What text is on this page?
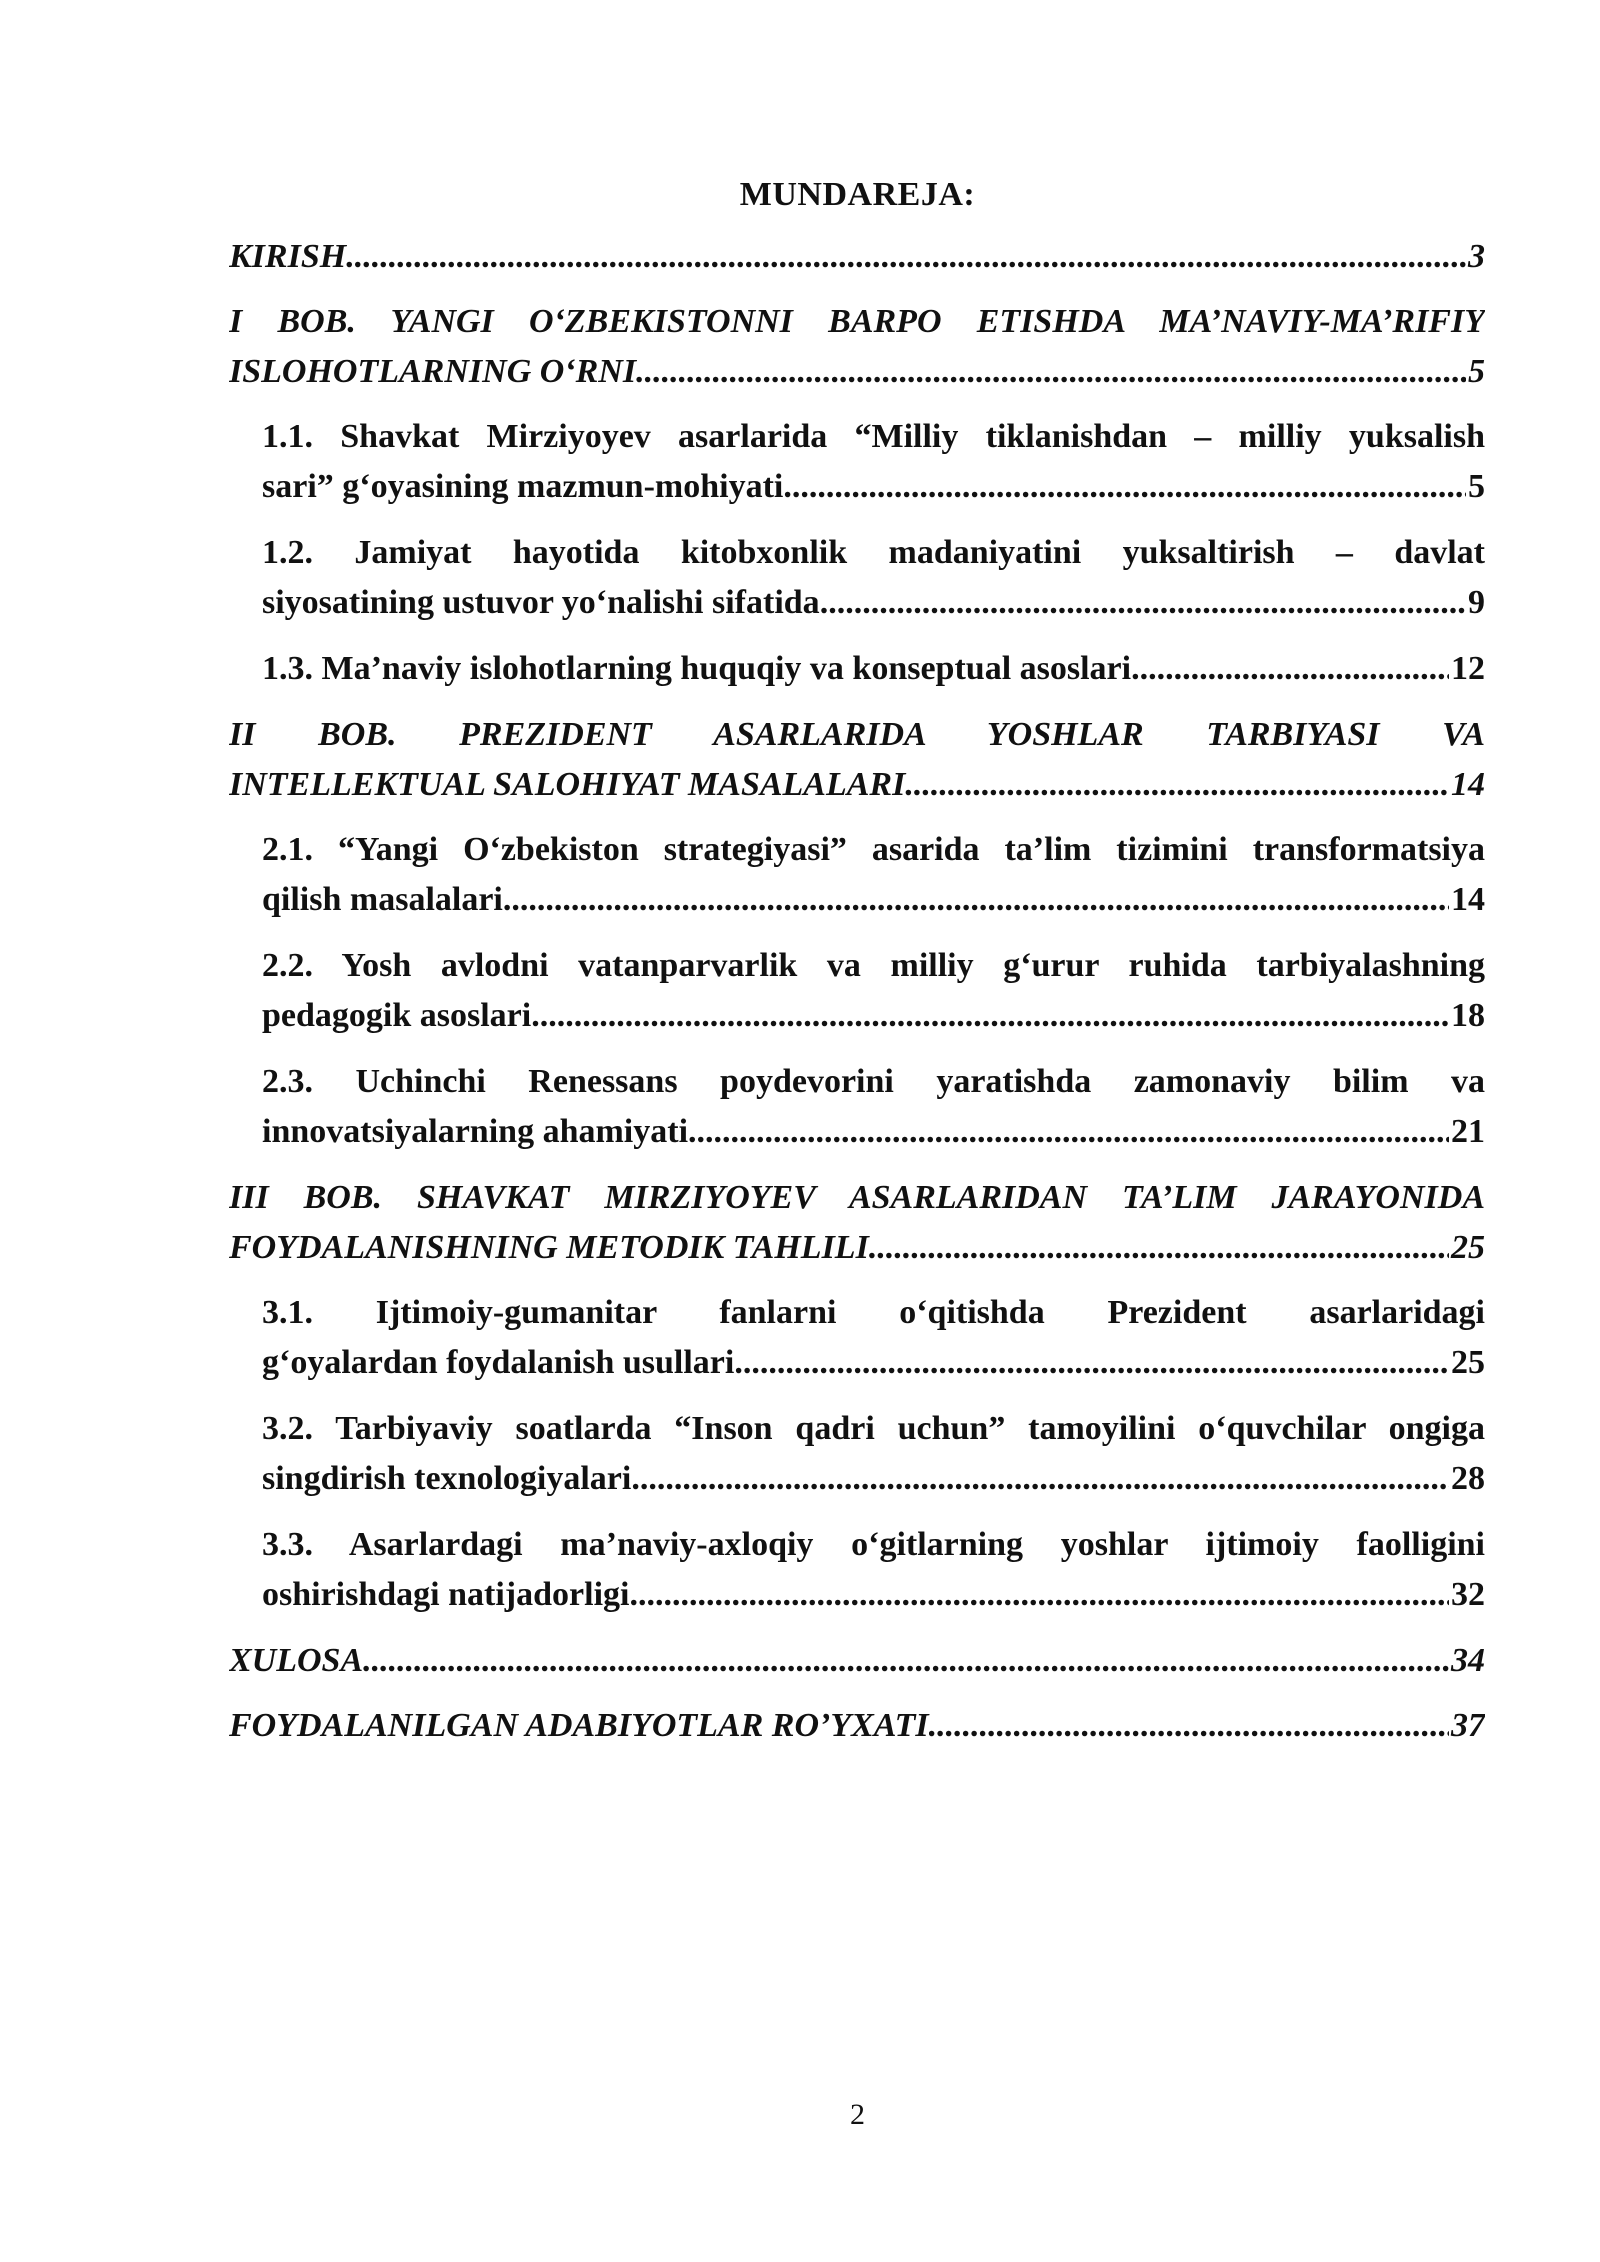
MUNDAREJA:
KIRISH .....	3
I BOB. YANGI O‘ZBEKISTONNI BARPO ETISHDA MA’NAVIY-MA’RIFIY
ISLOHOTLARNING O‘RNI .....	5
1.1. Shavkat Mirziyoyev asarlarida “Milliy tiklanishdan – milliy yuksalish
sari” g‘oyasining mazmun-mohiyati .....	5
1.2. Jamiyat hayotida kitobxonlik madaniyatini yuksaltirish – davlat
siyosatining ustuvor yo‘nalishi sifatida .....	9
1.3. Ma’naviy islohotlarning huquqiy va konseptual asoslari .....	12
II BOB. PREZIDENT ASARLARIDA YOSHLAR TARBIYASI VA
INTELLEKTUAL SALOHIYAT MASALALARI .....	14
2.1. “Yangi O‘zbekiston strategiyasi” asarida ta’lim tizimini transformatsiya
qilish masalalari .....	14
2.2. Yosh avlodni vatanparvarlik va milliy g‘urur ruhida tarbiyalashning
pedagogik asoslari .....	18
2.3. Uchinchi Renessans poydevorini yaratishda zamonaviy bilim va
innovatsiyalarning ahamiyati .....	21
III BOB. SHAVKAT MIRZIYOYEV ASARLARIDAN TA’LIM JARAYONIDA
FOYDALANISHNING METODIK TAHLILI .....	25
3.1. Ijtimoiy-gumanitar fanlarni o‘qitishda Prezident asarlaridagi
g‘oyalardan foydalanish usullari .....	25
3.2. Tarbiyaviy soatlarda “Inson qadri uchun” tamoyilini o‘quvchilar ongiga
singdirish texnologiyalari .....	28
3.3. Asarlardagi ma’naviy-axloqiy o‘gitlarning yoshlar ijtimoiy faolligini
oshirishdagi natijadorligi .....	32
XULOSA .....	34
FOYDALANILGAN ADABIYOTLAR RO’YXATI .....	37
2
